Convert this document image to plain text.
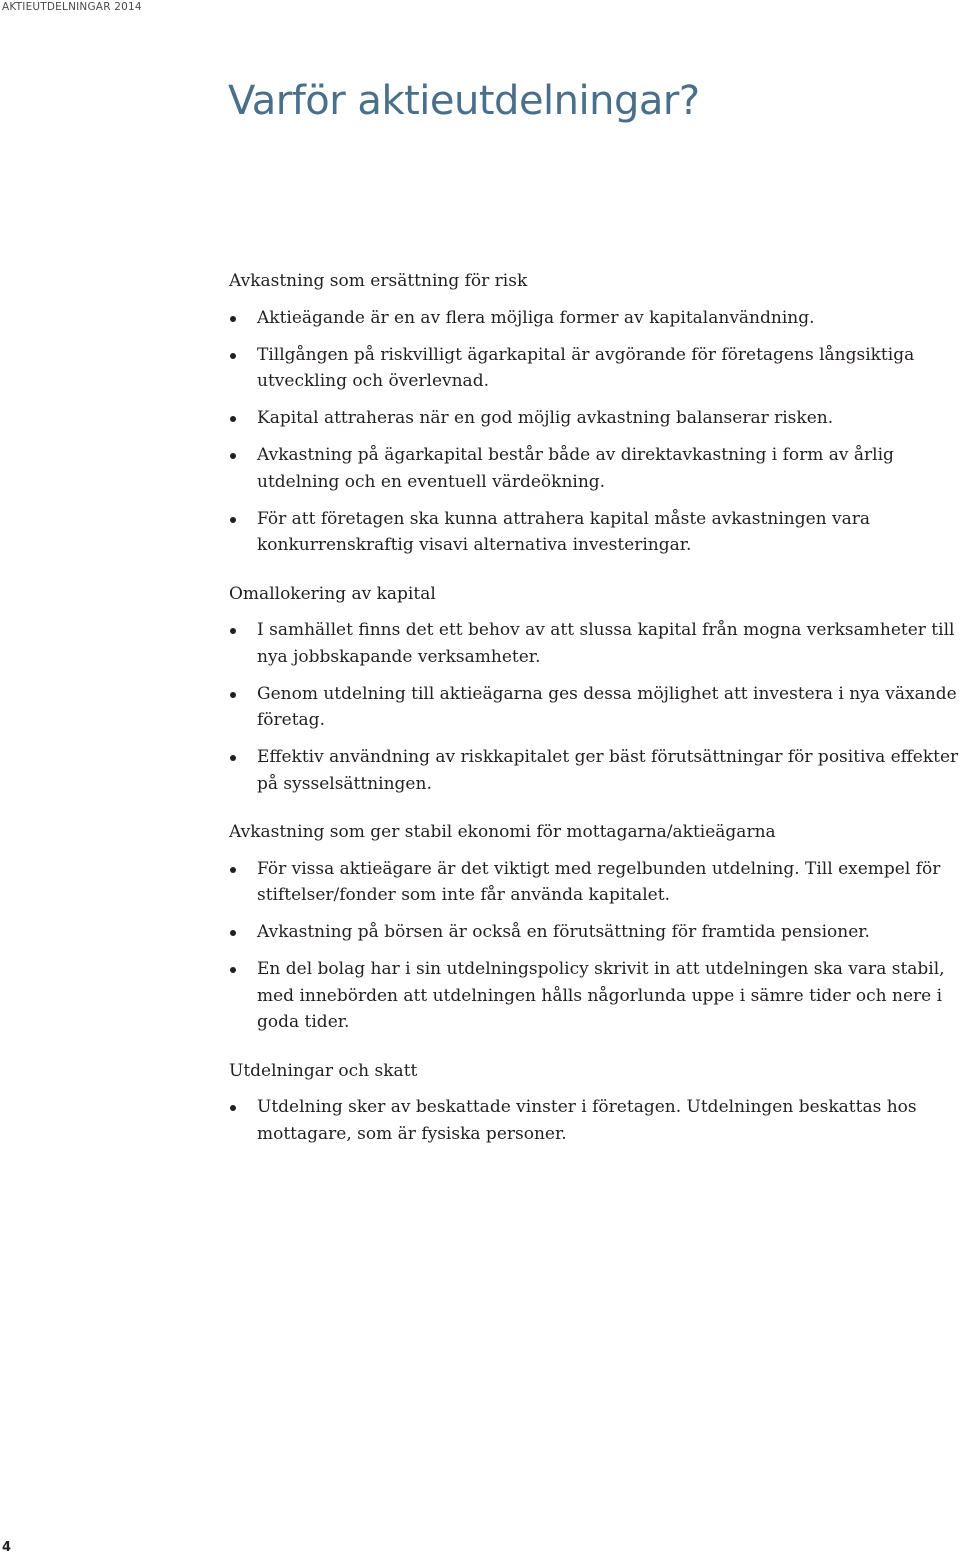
AKTIEUTDELNINGAR 2014
Varför aktieutdelningar?
Avkastning som ersättning för risk
Aktieägande är en av flera möjliga former av kapitalanvändning.
Tillgången på riskvilligt ägarkapital är avgörande för företagens långsiktiga utveckling och överlevnad.
Kapital attraheras när en god möjlig avkastning balanserar risken.
Avkastning på ägarkapital består både av direktavkastning i form av årlig utdelning och en eventuell värdeökning.
För att företagen ska kunna attrahera kapital måste avkastningen vara konkurrenskraftig visavi alternativa investeringar.
Omallokering av kapital
I samhället finns det ett behov av att slussa kapital från mogna verksamheter till nya jobbskapande verksamheter.
Genom utdelning till aktieägarna ges dessa möjlighet att investera i nya växande företag.
Effektiv användning av riskkapitalet ger bäst förutsättningar för positiva effekter på sysselsättningen.
Avkastning som ger stabil ekonomi för mottagarna/aktieägarna
För vissa aktieägare är det viktigt med regelbunden utdelning. Till exempel för stiftelser/fonder som inte får använda kapitalet.
Avkastning på börsen är också en förutsättning för framtida pensioner.
En del bolag har i sin utdelningspolicy skrivit in att utdelningen ska vara stabil, med innebörden att utdelningen hålls någorlunda uppe i sämre tider och nere i goda tider.
Utdelningar och skatt
Utdelning sker av beskattade vinster i företagen. Utdelningen beskattas hos mottagare, som är fysiska personer.
4
